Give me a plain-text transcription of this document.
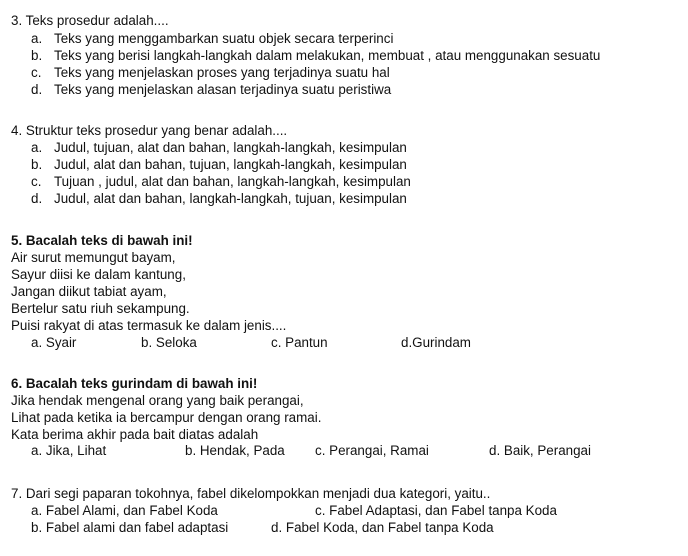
3. Teks prosedur adalah....
a. Teks yang menggambarkan suatu objek secara terperinci
b. Teks yang berisi langkah-langkah dalam melakukan, membuat , atau menggunakan sesuatu
c. Teks yang menjelaskan proses yang terjadinya suatu hal
d. Teks yang menjelaskan alasan terjadinya suatu peristiwa
4. Struktur teks prosedur yang benar adalah....
a. Judul, tujuan, alat dan bahan, langkah-langkah, kesimpulan
b. Judul, alat dan bahan, tujuan, langkah-langkah, kesimpulan
c. Tujuan , judul, alat dan bahan, langkah-langkah, kesimpulan
d. Judul, alat dan bahan, langkah-langkah, tujuan, kesimpulan
5. Bacalah teks di bawah ini!
Air surut memungut bayam,
Sayur diisi ke dalam kantung,
Jangan diikut tabiat ayam,
Bertelur satu riuh sekampung.
Puisi rakyat di atas termasuk ke dalam jenis....
a. Syair	b. Seloka	c. Pantun	d.Gurindam
6. Bacalah teks gurindam di bawah ini!
Jika hendak mengenal orang yang baik perangai,
Lihat pada ketika ia bercampur dengan orang ramai.
Kata berima akhir pada bait diatas adalah
a. Jika, Lihat	b. Hendak, Pada c. Perangai, Ramai	d. Baik, Perangai
7. Dari segi paparan tokohnya, fabel dikelompokkan menjadi dua kategori, yaitu..
a. Fabel Alami, dan Fabel Koda	c. Fabel Adaptasi, dan Fabel tanpa Koda
b. Fabel alami dan fabel adaptasi	d. Fabel Koda, dan Fabel tanpa Koda
